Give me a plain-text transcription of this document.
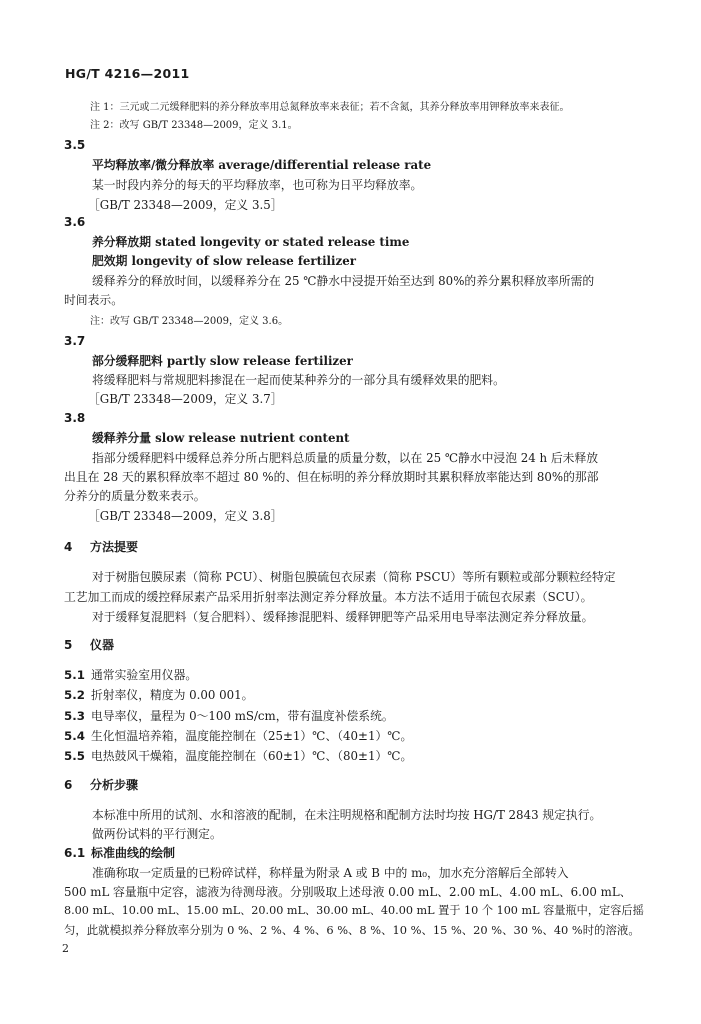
HG/T 4216—2011
注 1：三元或二元缓释肥料的养分释放率用总氮释放率来表征；若不含氮，其养分释放率用钾释放率来表征。
注 2：改写 GB/T 23348—2009，定义 3.1。
3.5
平均释放率/微分释放率 average/differential release rate
某一时段内养分的每天的平均释放率，也可称为日平均释放率。
［GB/T 23348—2009，定义 3.5］
3.6
养分释放期 stated longevity or stated release time
肥效期 longevity of slow release fertilizer
缓释养分的释放时间，以缓释养分在 25 ℃静水中浸提开始至达到 80%的养分累积释放率所需的
时间表示。
注：改写 GB/T 23348—2009，定义 3.6。
3.7
部分缓释肥料 partly slow release fertilizer
将缓释肥料与常规肥料掺混在一起而使某种养分的一部分具有缓释效果的肥料。
［GB/T 23348—2009，定义 3.7］
3.8
缓释养分量 slow release nutrient content
指部分缓释肥料中缓释总养分所占肥料总质量的质量分数，以在 25 ℃静水中浸泡 24 h 后未释放
出且在 28 天的累积释放率不超过 80 %的、但在标明的养分释放期时其累积释放率能达到 80%的那部
分养分的质量分数来表示。
［GB/T 23348—2009，定义 3.8］
4 方法提要
对于树脂包膜尿素（简称 PCU）、树脂包膜硫包衣尿素（简称 PSCU）等所有颗粒或部分颗粒经特定
工艺加工而成的缓控释尿素产品采用折射率法测定养分释放量。本方法不适用于硫包衣尿素（SCU）。
对于缓释复混肥料（复合肥料）、缓释掺混肥料、缓释钾肥等产品采用电导率法测定养分释放量。
5 仪器
5.1 通常实验室用仪器。
5.2 折射率仪，精度为 0.00 001。
5.3 电导率仪，量程为 0～100 mS/cm，带有温度补偿系统。
5.4 生化恒温培养箱，温度能控制在（25±1）℃、（40±1）℃。
5.5 电热鼓风干燥箱，温度能控制在（60±1）℃、（80±1）℃。
6 分析步骤
本标准中所用的试剂、水和溶液的配制，在未注明规格和配制方法时均按 HG/T 2843 规定执行。
做两份试料的平行测定。
6.1 标准曲线的绘制
准确称取一定质量的已粉碎试样，称样量为附录 A 或 B 中的 m₀，加水充分溶解后全部转入
500 mL 容量瓶中定容，滤液为待测母液。分别吸取上述母液 0.00 mL、2.00 mL、4.00 mL、6.00 mL、
8.00 mL、10.00 mL、15.00 mL、20.00 mL、30.00 mL、40.00 mL 置于 10 个 100 mL 容量瓶中，定容后摇
匀，此就模拟养分释放率分别为 0 %、2 %、4 %、6 %、8 %、10 %、15 %、20 %、30 %、40 %时的溶液。
2
